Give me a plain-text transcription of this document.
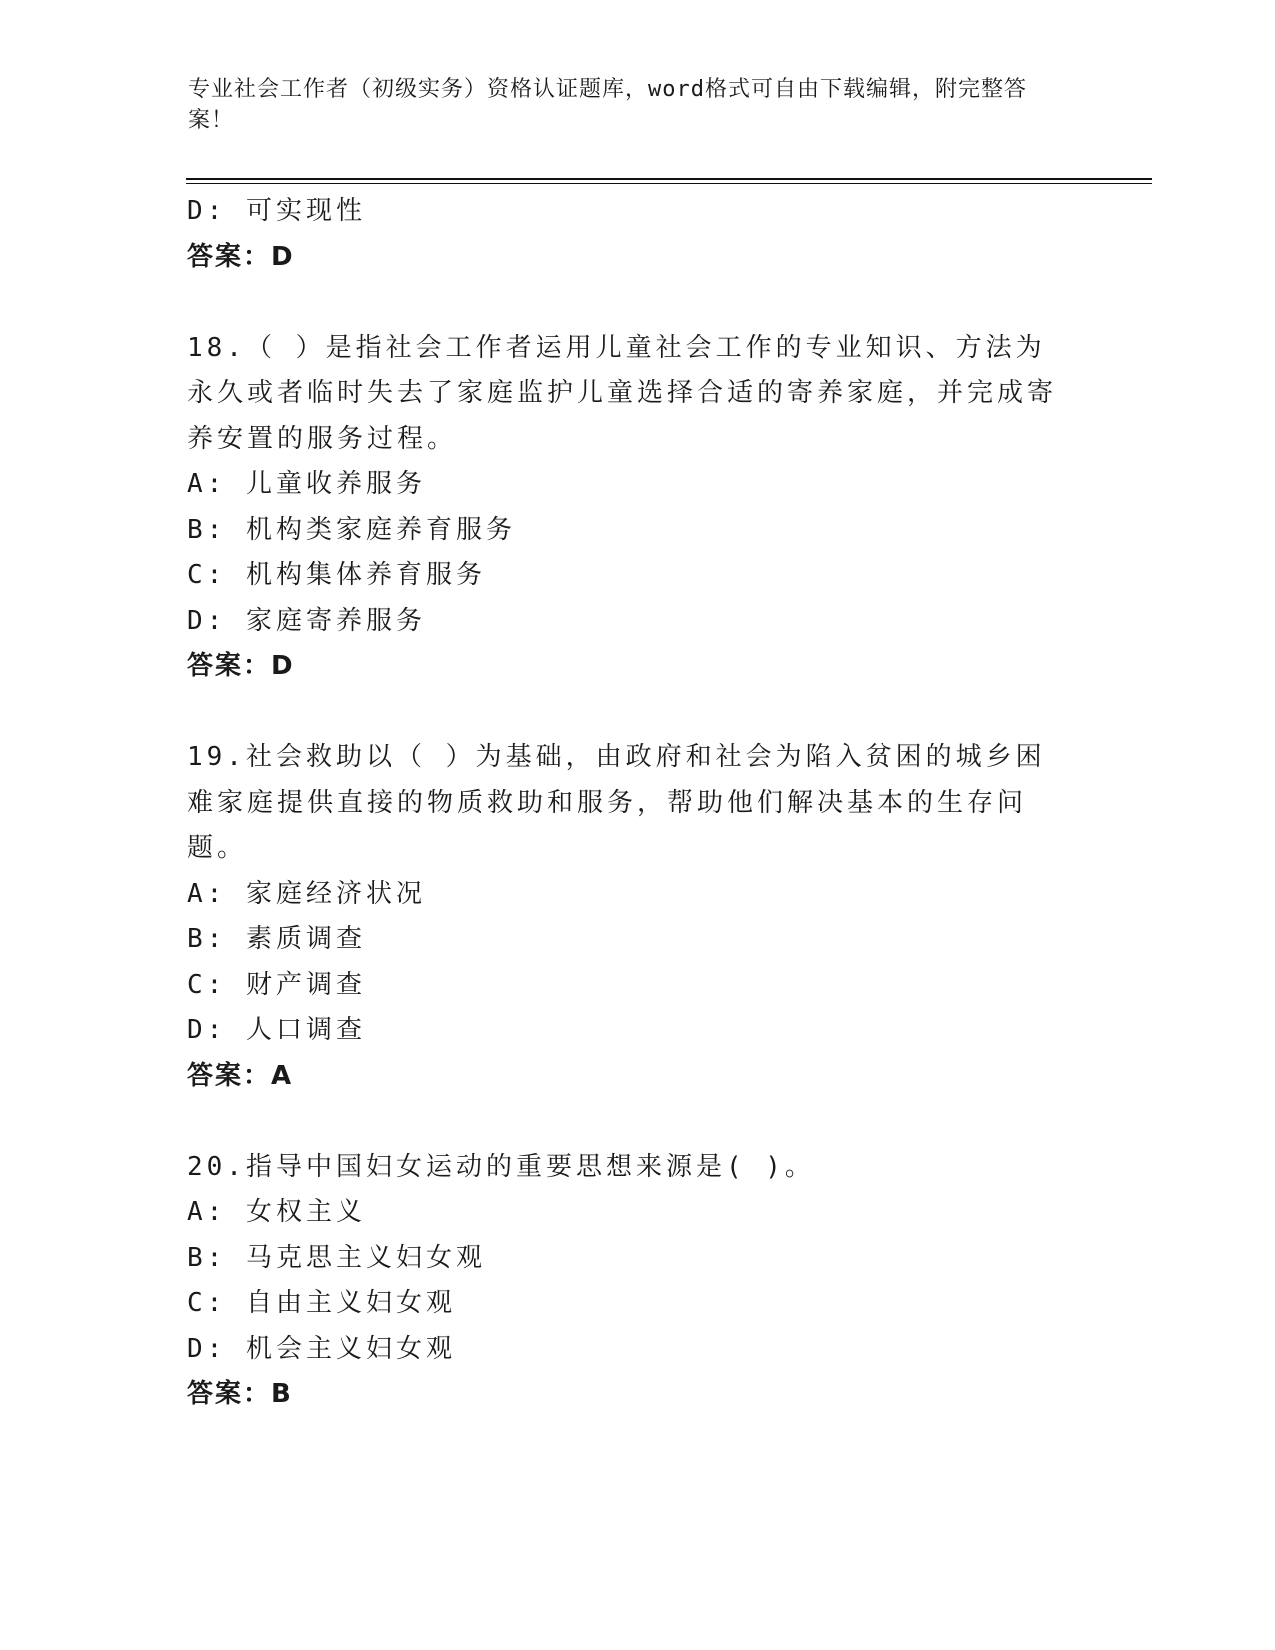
专业社会工作者（初级实务）资格认证题库，word格式可自由下载编辑，附完整答案！
D: 可实现性
答案：D
18.（ ）是指社会工作者运用儿童社会工作的专业知识、方法为永久或者临时失去了家庭监护儿童选择合适的寄养家庭，并完成寄养安置的服务过程。
A: 儿童收养服务
B: 机构类家庭养育服务
C: 机构集体养育服务
D: 家庭寄养服务
答案：D
19.社会救助以（ ）为基础，由政府和社会为陷入贫困的城乡困难家庭提供直接的物质救助和服务，帮助他们解决基本的生存问题。
A: 家庭经济状况
B: 素质调查
C: 财产调查
D: 人口调查
答案：A
20.指导中国妇女运动的重要思想来源是( )。
A: 女权主义
B: 马克思主义妇女观
C: 自由主义妇女观
D: 机会主义妇女观
答案：B
